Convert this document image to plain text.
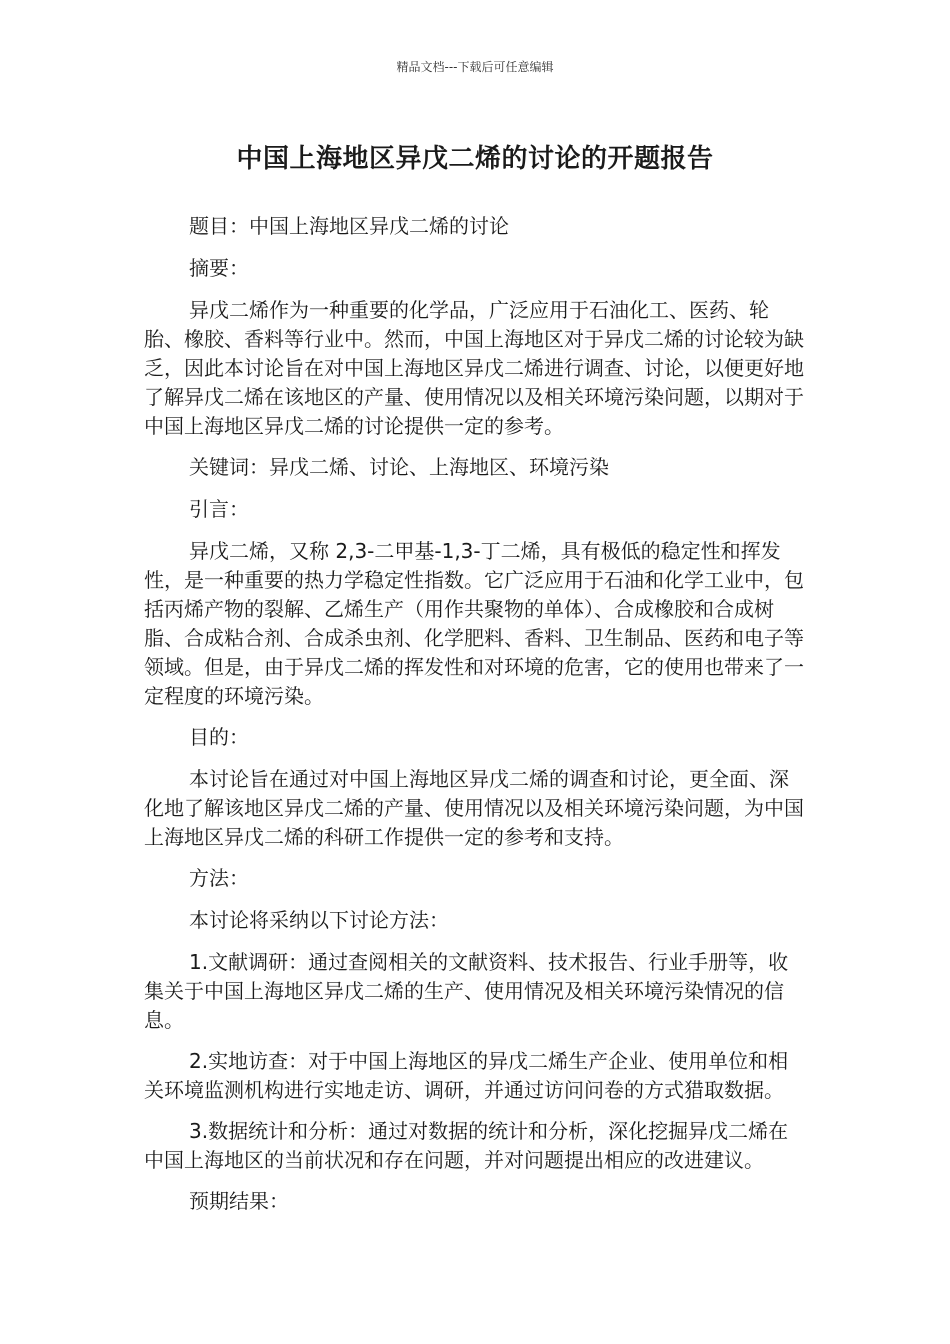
精品文档---下载后可任意编辑
中国上海地区异戊二烯的讨论的开题报告

题目：中国上海地区异戊二烯的讨论

摘要：

异戊二烯作为一种重要的化学品，广泛应用于石油化工、医药、轮胎、橡胶、香料等行业中。然而，中国上海地区对于异戊二烯的讨论较为缺乏，因此本讨论旨在对中国上海地区异戊二烯进行调查、讨论，以便更好地了解异戊二烯在该地区的产量、使用情况以及相关环境污染问题，以期对于中国上海地区异戊二烯的讨论提供一定的参考。

关键词：异戊二烯、讨论、上海地区、环境污染

引言：

异戊二烯，又称 2,3-二甲基-1,3-丁二烯，具有极低的稳定性和挥发性，是一种重要的热力学稳定性指数。它广泛应用于石油和化学工业中，包括丙烯产物的裂解、乙烯生产（用作共聚物的单体）、合成橡胶和合成树脂、合成粘合剂、合成杀虫剂、化学肥料、香料、卫生制品、医药和电子等领域。但是，由于异戊二烯的挥发性和对环境的危害，它的使用也带来了一定程度的环境污染。

目的：

本讨论旨在通过对中国上海地区异戊二烯的调查和讨论，更全面、深化地了解该地区异戊二烯的产量、使用情况以及相关环境污染问题，为中国上海地区异戊二烯的科研工作提供一定的参考和支持。

方法：

本讨论将采纳以下讨论方法：

1.文献调研：通过查阅相关的文献资料、技术报告、行业手册等，收集关于中国上海地区异戊二烯的生产、使用情况及相关环境污染情况的信息。

2.实地访查：对于中国上海地区的异戊二烯生产企业、使用单位和相关环境监测机构进行实地走访、调研，并通过访问问卷的方式猎取数据。

3.数据统计和分析：通过对数据的统计和分析，深化挖掘异戊二烯在中国上海地区的当前状况和存在问题，并对问题提出相应的改进建议。

预期结果：
